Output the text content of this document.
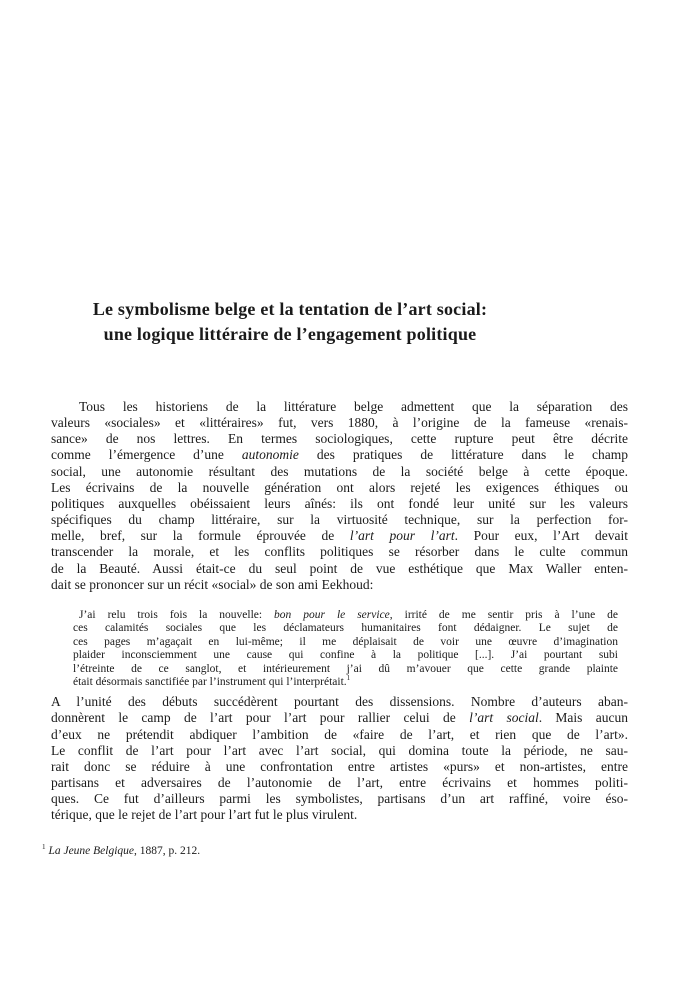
Le symbolisme belge et la tentation de l’art social:
une logique littéraire de l’engagement politique
Tous les historiens de la littérature belge admettent que la séparation des
valeurs «sociales» et «littéraires» fut, vers 1880, à l’origine de la fameuse «renais-
sance» de nos lettres. En termes sociologiques, cette rupture peut être décrite
comme l’émergence d’une autonomie des pratiques de littérature dans le champ
social, une autonomie résultant des mutations de la société belge à cette époque.
Les écrivains de la nouvelle génération ont alors rejeté les exigences éthiques ou
politiques auxquelles obéissaient leurs aînés: ils ont fondé leur unité sur les valeurs
spécifiques du champ littéraire, sur la virtuosité technique, sur la perfection for-
melle, bref, sur la formule éprouvée de l’art pour l’art. Pour eux, l’Art devait
transcender la morale, et les conflits politiques se résorber dans le culte commun
de la Beauté. Aussi était-ce du seul point de vue esthétique que Max Waller enten-
dait se prononcer sur un récit «social» de son ami Eekhoud:
J’ai relu trois fois la nouvelle: bon pour le service, irrité de me sentir pris à l’une de
ces calamités sociales que les déclamateurs humanitaires font dédaigner. Le sujet de
ces pages m’agaçait en lui-même; il me déplaisait de voir une œuvre d’imagination
plaider inconsciemment une cause qui confine à la politique [...]. J’ai pourtant subi
l’étreinte de ce sanglot, et intérieurement j’ai dû m’avouer que cette grande plainte
était désormais sanctifiée par l’instrument qui l’interprétait.$^1$
A l’unité des débuts succédèrent pourtant des dissensions. Nombre d’auteurs aban-
donnèrent le camp de l’art pour l’art pour rallier celui de l’art social. Mais aucun
d’eux ne prétendit abdiquer l’ambition de «faire de l’art, et rien que de l’art».
Le conflit de l’art pour l’art avec l’art social, qui domina toute la période, ne sau-
rait donc se réduire à une confrontation entre artistes «purs» et non-artistes, entre
partisans et adversaires de l’autonomie de l’art, entre écrivains et hommes politi-
ques. Ce fut d’ailleurs parmi les symbolistes, partisans d’un art raffiné, voire éso-
térique, que le rejet de l’art pour l’art fut le plus virulent.
$^1$ La Jeune Belgique, 1887, p. 212.
